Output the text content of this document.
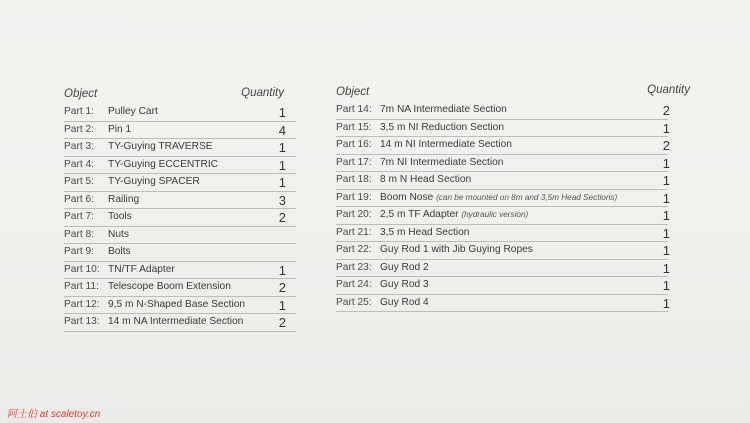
Object	Quantity
Part 1: Pulley Cart	1
Part 2: Pin 1	4
Part 3: TY-Guying TRAVERSE	1
Part 4: TY-Guying ECCENTRIC	1
Part 5: TY-Guying SPACER	1
Part 6: Railing	3
Part 7: Tools	2
Part 8: Nuts
Part 9: Bolts
Part 10: TN/TF Adapter	1
Part 11: Telescope Boom Extension	2
Part 12: 9,5 m N-Shaped Base Section	1
Part 13: 14 m NA Intermediate Section	2
Object	Quantity
Part 14: 7m NA Intermediate Section	2
Part 15: 3,5 m NI Reduction Section	1
Part 16: 14 m NI Intermediate Section	2
Part 17: 7m NI Intermediate Section	1
Part 18: 8 m N Head Section	1
Part 19: Boom Nose (can be mounted on 8m and 3,5m Head Sections)	1
Part 20: 2,5 m TF Adapter (hydraulic version)	1
Part 21: 3,5 m Head Section	1
Part 22: Guy Rod 1 with Jib Guying Ropes	1
Part 23: Guy Rod 2	1
Part 24: Guy Rod 3	1
Part 25: Guy Rod 4	1
阿土伯 at scaletoy.cn
